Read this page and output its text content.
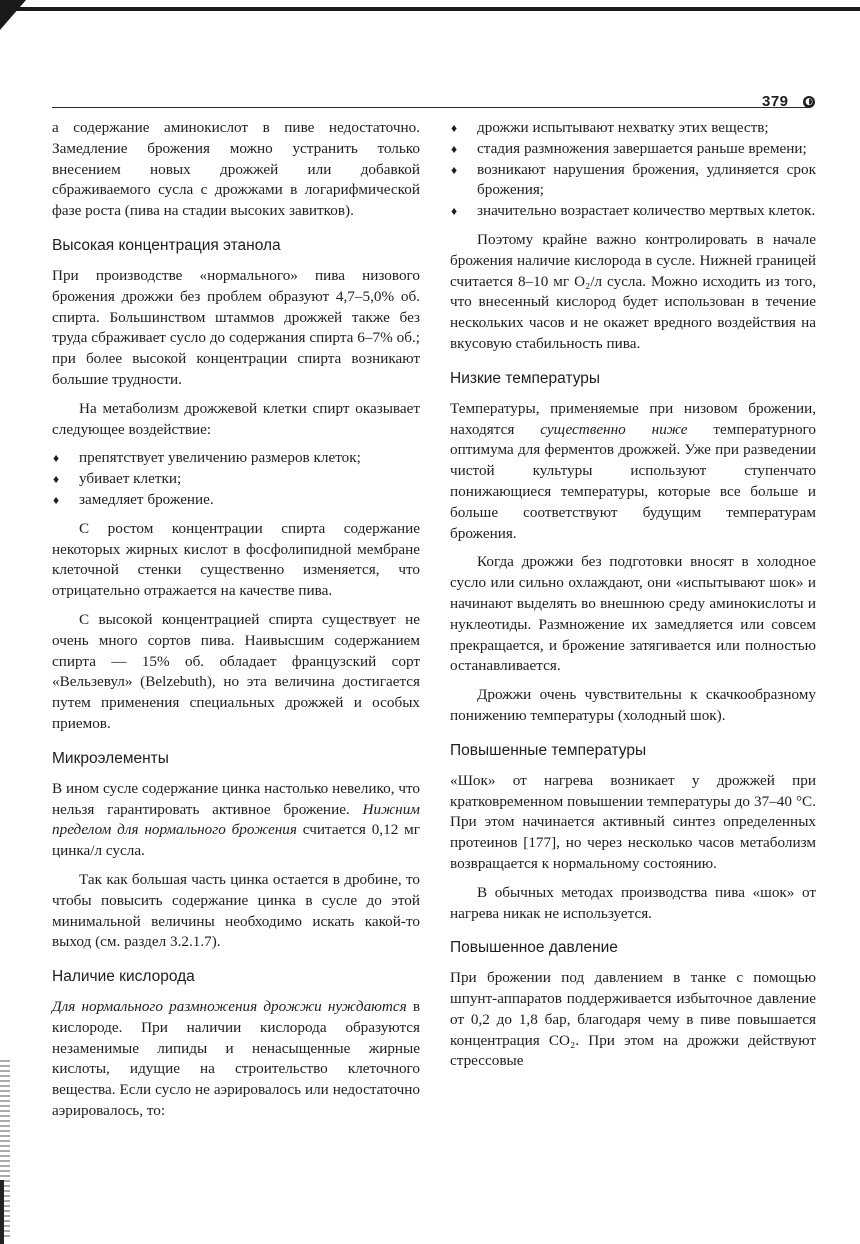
379 ◐

а содержание аминокислот в пиве недостаточно. Замедление брожения можно устранить только внесением новых дрожжей или добавкой сбраживаемого сусла с дрожжами в логарифмической фазе роста (пива на стадии высоких завитков).

Высокая концентрация этанола

При производстве «нормального» пива низового брожения дрожжи без проблем образуют 4,7–5,0% об. спирта. Большинством штаммов дрожжей также без труда сбраживает сусло до содержания спирта 6–7% об.; при более высокой концентрации спирта возникают большие трудности.

На метаболизм дрожжевой клетки спирт оказывает следующее воздействие:

♦ препятствует увеличению размеров клеток;
♦ убивает клетки;
♦ замедляет брожение.

С ростом концентрации спирта содержание некоторых жирных кислот в фосфолипидной мембране клеточной стенки существенно изменяется, что отрицательно отражается на качестве пива.

С высокой концентрацией спирта существует не очень много сортов пива. Наивысшим содержанием спирта — 15% об. обладает французский сорт «Вельзевул» (Belzebuth), но эта величина достигается путем применения специальных дрожжей и особых приемов.

Микроэлементы

В ином сусле содержание цинка настолько невелико, что нельзя гарантировать активное брожение. Нижним пределом для нормального брожения считается 0,12 мг цинка/л сусла.

Так как большая часть цинка остается в дробине, то чтобы повысить содержание цинка в сусле до этой минимальной величины необходимо искать какой-то выход (см. раздел 3.2.1.7).

Наличие кислорода

Для нормального размножения дрожжи нуждаются в кислороде. При наличии кислорода образуются незаменимые липиды и ненасыщенные жирные кислоты, идущие на строительство клеточного вещества. Если сусло не аэрировалось или недостаточно аэрировалось, то:

♦ дрожжи испытывают нехватку этих веществ;
♦ стадия размножения завершается раньше времени;
♦ возникают нарушения брожения, удлиняется срок брожения;
♦ значительно возрастает количество мертвых клеток.

Поэтому крайне важно контролировать в начале брожения наличие кислорода в сусле. Нижней границей считается 8–10 мг O₂/л сусла. Можно исходить из того, что внесенный кислород будет использован в течение нескольких часов и не окажет вредного воздействия на вкусовую стабильность пива.

Низкие температуры

Температуры, применяемые при низовом брожении, находятся существенно ниже температурного оптимума для ферментов дрожжей. Уже при разведении чистой культуры используют ступенчато понижающиеся температуры, которые все больше и больше соответствуют будущим температурам брожения.

Когда дрожжи без подготовки вносят в холодное сусло или сильно охлаждают, они «испытывают шок» и начинают выделять во внешнюю среду аминокислоты и нуклеотиды. Размножение их замедляется или совсем прекращается, и брожение затягивается или полностью останавливается.

Дрожжи очень чувствительны к скачкообразному понижению температуры (холодный шок).

Повышенные температуры

«Шок» от нагрева возникает у дрожжей при кратковременном повышении температуры до 37–40 °С. При этом начинается активный синтез определенных протеинов [177], но через несколько часов метаболизм возвращается к нормальному состоянию.

В обычных методах производства пива «шок» от нагрева никак не используется.

Повышенное давление

При брожении под давлением в танке с помощью шпунт-аппаратов поддерживается избыточное давление от 0,2 до 1,8 бар, благодаря чему в пиве повышается концентрация CO₂. При этом на дрожжи действуют стрессовые
